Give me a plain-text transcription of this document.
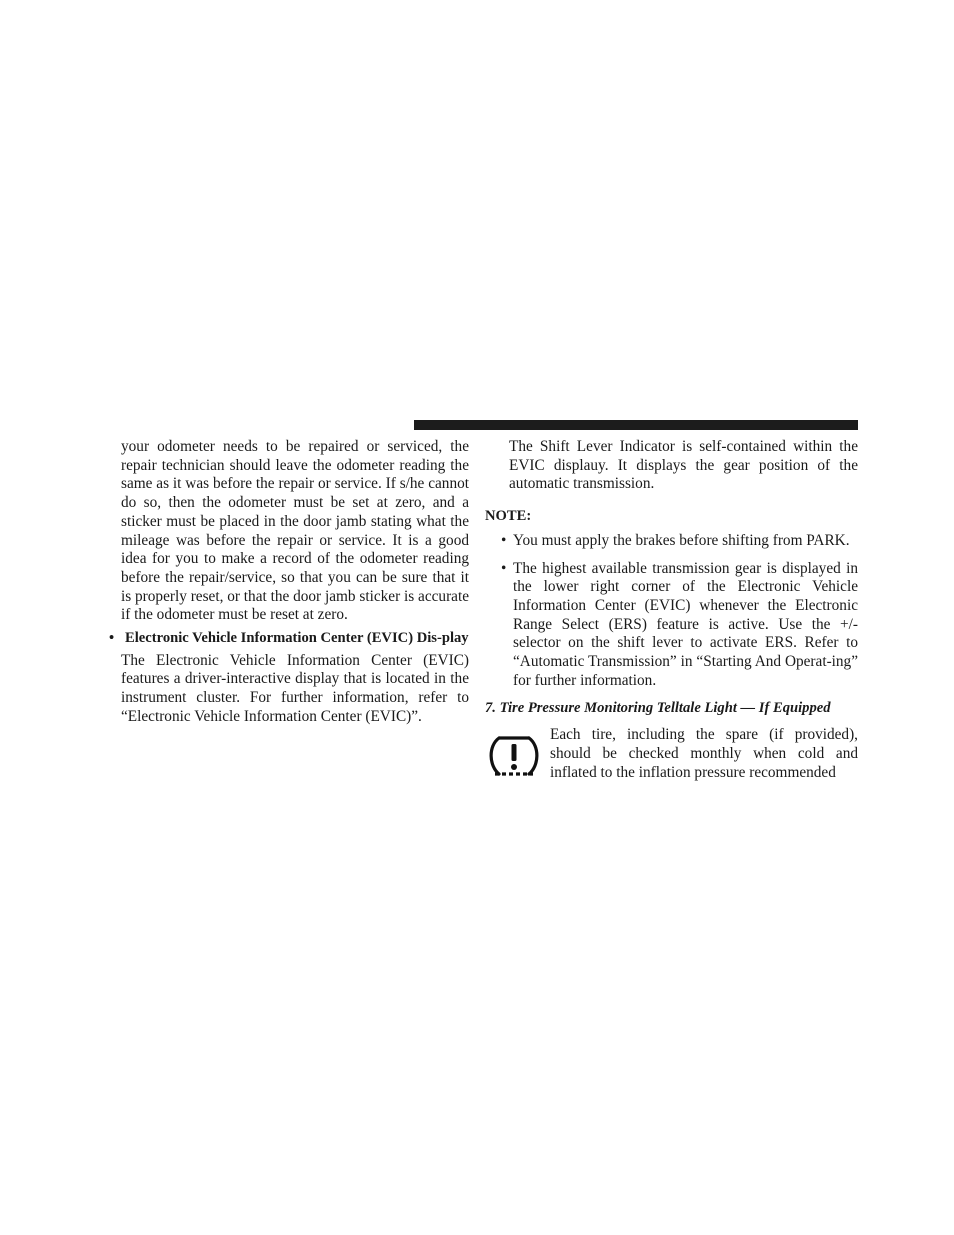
your odometer needs to be repaired or serviced, the repair technician should leave the odometer reading the same as it was before the repair or service. If s/he cannot do so, then the odometer must be set at zero, and a sticker must be placed in the door jamb stating what the mileage was before the repair or service. It is a good idea for you to make a record of the odometer reading before the repair/service, so that you can be sure that it is properly reset, or that the door jamb sticker is accurate if the odometer must be reset at zero.

• Electronic Vehicle Information Center (EVIC) Dis-play

The Electronic Vehicle Information Center (EVIC) features a driver-interactive display that is located in the instrument cluster. For further information, refer to “Electronic Vehicle Information Center (EVIC)”.

The Shift Lever Indicator is self-contained within the EVIC displauy. It displays the gear position of the automatic transmission.

NOTE:
• You must apply the brakes before shifting from PARK.
• The highest available transmission gear is displayed in the lower right corner of the Electronic Vehicle Information Center (EVIC) whenever the Electronic Range Select (ERS) feature is active. Use the +/- selector on the shift lever to activate ERS. Refer to “Automatic Transmission” in “Starting And Operat-ing” for further information.
7. Tire Pressure Monitoring Telltale Light — If Equipped

Each tire, including the spare (if provided), should be checked monthly when cold and inflated to the inflation pressure recommended
